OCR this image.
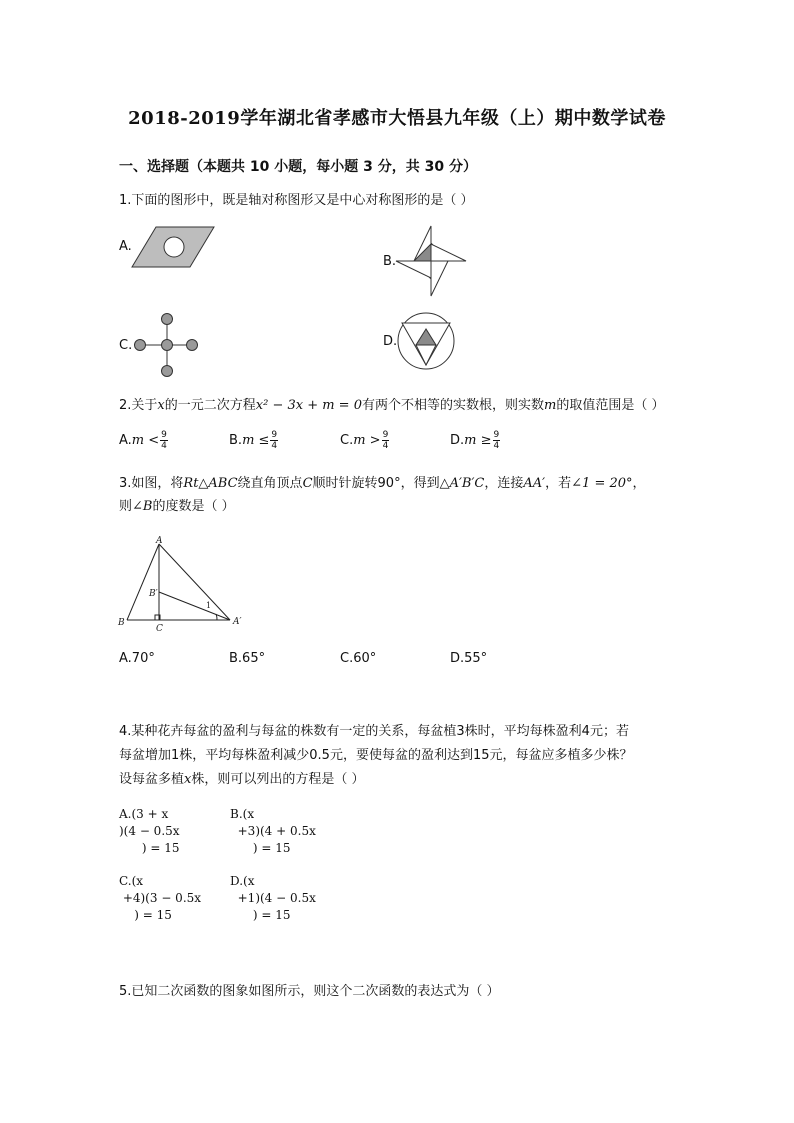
2018-2019学年湖北省孝感市大悟县九年级（上）期中数学试卷
一、选择题（本题共 10 小题，每小题 3 分，共 30 分）
1.下面的图形中，既是轴对称图形又是中心对称图形的是（ ）
A.
B.
C.	D.
2.关于x的一元二次方程x² − 3x + m = 0有两个不相等的实数根，则实数m的取值范围是（ ）
$A.m < \frac{9}{4}$	$B.m \le \frac{9}{4}$	$C.m > \frac{9}{4}$	$D.m \ge \frac{9}{4}$
3.如图，将Rt△ABC绕直角顶点C顺时针旋转90°，得到△A′B′C，连接AA′，若∠1 = 20°，
则∠B的度数是（ ）
A
B
C
B′
A′
1
A.70°	B.65°	C.60°	D.55°
4.某种花卉每盆的盈利与每盆的株数有一定的关系，每盆植3株时，平均每株盈利4元；若
每盆增加1株，平均每株盈利减少0.5元，要使每盆的盈利达到15元，每盆应多植多少株？
设每盆多植x株，则可以列出的方程是（ ）
A.(3 + x
)(4 − 0.5x
) = 15
B.(x
+3)(4 + 0.5x
) = 15
C.(x
+4)(3 − 0.5x
) = 15
D.(x
+1)(4 − 0.5x
) = 15
5.已知二次函数的图象如图所示，则这个二次函数的表达式为（ ）
